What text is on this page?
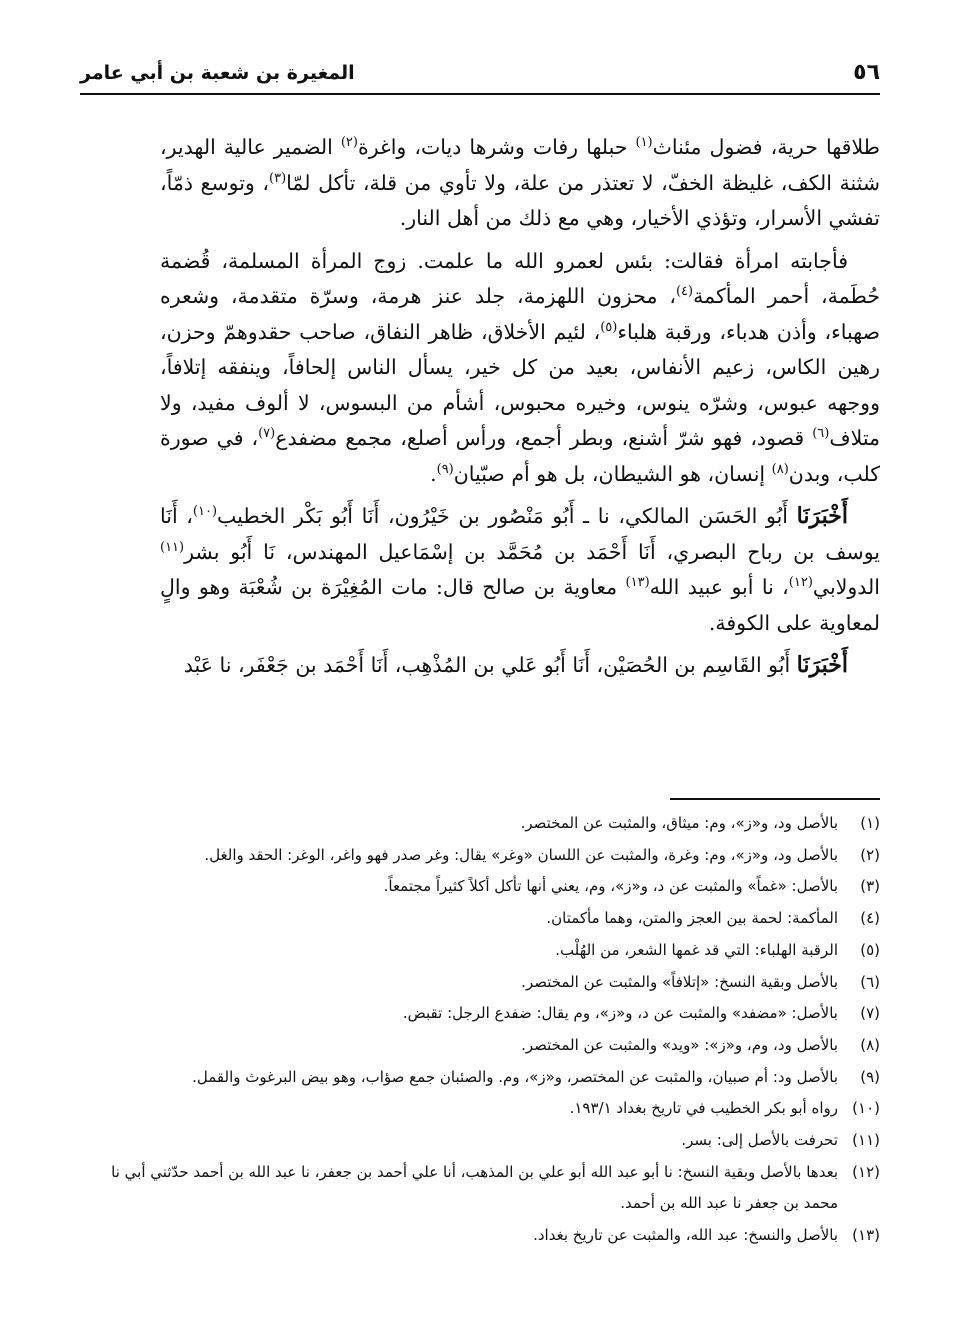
٥٦
المغيرة بن شعبة بن أبي عامر

طلاقها حرية، فضول مئناث$^{(١)}$ حبلها رفات وشرها ديات، واغرة$^{(٢)}$ الضمير عالية الهدير، شثنة الكف، غليظة الخفّ، لا تعتذر من علة، ولا تأوي من قلة، تأكل لمّا$^{(٣)}$، وتوسع ذمّاً، تفشي الأسرار، وتؤذي الأخيار، وهي مع ذلك من أهل النار.

فأجابته امرأة فقالت: بئس لعمرو الله ما علمت. زوج المرأة المسلمة، قُضمة حُطَمة، أحمر المأكمة$^{(٤)}$، محزون اللهزمة، جلد عنز هرمة، وسرّة متقدمة، وشعره صهباء، وأذن هدباء، ورقبة هلباء$^{(٥)}$، لئيم الأخلاق، ظاهر النفاق، صاحب حقدوهمّ وحزن، رهين الكاس، زعيم الأنفاس، بعيد من كل خير، يسأل الناس إلحافاً، وينفقه إتلافاً، ووجهه عبوس، وشرّه ينوس، وخيره محبوس، أشأم من البسوس، لا ألوف مفيد، ولا متلاف$^{(٦)}$ قصود، فهو شرّ أشنع، وبطر أجمع، ورأس أصلع، مجمع مضفدع$^{(٧)}$، في صورة كلب، وبدن$^{(٨)}$ إنسان، هو الشيطان، بل هو أم صبّيان$^{(٩)}$.

أَخْبَرَنَا أَبُو الحَسَن المالكي، نا ـ أَبُو مَنْصُور بن خَيْرُون، أَنَا أَبُو بَكْر الخطيب$^{(١٠)}$، أَنَا يوسف بن رباح البصري، أَنَا أَحْمَد بن مُحَمَّد بن إسْمَاعيل المهندس، نَا أَبُو بشر$^{(١١)}$ الدولابي$^{(١٢)}$، نا أبو عبيد الله$^{(١٣)}$ معاوية بن صالح قال: مات المُغِيْرَة بن شُعْبَة وهو والٍ لمعاوية على الكوفة.

أَخْبَرَنَا أَبُو القَاسِم بن الحُصَيْن، أَنَا أَبُو عَلي بن المُذْهِب، أَنَا أَحْمَد بن جَعْفَر، نا عَبْد

(١)
بالأصل ود، و«ز»، وم: ميثاق، والمثبت عن المختصر.
(٢)
بالأصل ود، و«ز»، وم: وغرة، والمثبت عن اللسان «وغر» يقال: وغر صدر فهو واغر، الوغر: الحقد والغل.
(٣)
بالأصل: «غماً» والمثبت عن د، و«ز»، وم، يعني أنها تأكل أكلاً كثيراً مجتمعاً.
(٤)
المأكمة: لحمة بين العجز والمتن، وهما مأكمتان.
(٥)
الرقبة الهلباء: التي قد غمها الشعر، من الهُلْب.
(٦)
بالأصل وبقية النسخ: «إتلافاً» والمثبت عن المختصر.
(٧)
بالأصل: «مضفد» والمثبت عن د، و«ز»، وم يقال: ضفدع الرجل: تقبض.
(٨)
بالأصل ود، وم، و«ز»: «ويد» والمثبت عن المختصر.
(٩)
بالأصل ود: أم صبيان، والمثبت عن المختصر، و«ز»، وم. والصئبان جمع صؤاب، وهو بيض البرغوث والقمل.
(١٠)
رواه أبو بكر الخطيب في تاريخ بغداد ١٩٣/١.
(١١)
تحرفت بالأصل إلى: بسر.
(١٢)
بعدها بالأصل وبقية النسخ: نا أبو عبد الله أبو علي بن المذهب، أنا علي أحمد بن جعفر، نا عبد الله بن أحمد حدّثني أبي نا محمد بن جعفر نا عبد الله بن أحمد.
(١٣)
بالأصل والنسخ: عبد الله، والمثبت عن تاريخ بغداد.
